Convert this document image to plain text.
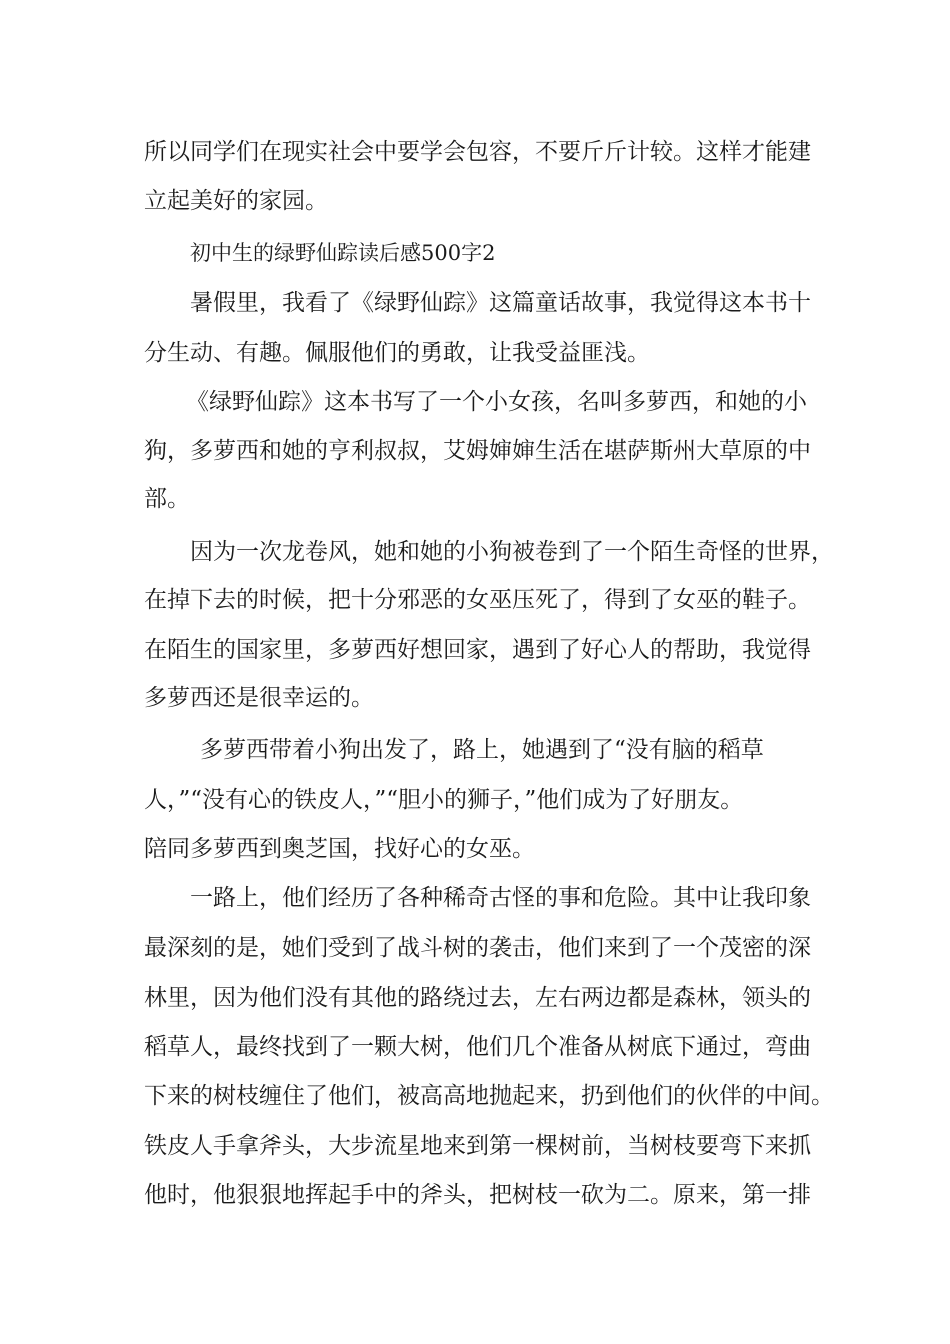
所以同学们在现实社会中要学会包容，不要斤斤计较。这样才能建
立起美好的家园。
初中生的绿野仙踪读后感500字2
暑假里，我看了《绿野仙踪》这篇童话故事，我觉得这本书十
分生动、有趣。佩服他们的勇敢，让我受益匪浅。
《绿野仙踪》这本书写了一个小女孩，名叫多萝西，和她的小
狗，多萝西和她的亨利叔叔，艾姆婶婶生活在堪萨斯州大草原的中
部。
因为一次龙卷风，她和她的小狗被卷到了一个陌生奇怪的世界，
在掉下去的时候，把十分邪恶的女巫压死了，得到了女巫的鞋子。
在陌生的国家里，多萝西好想回家，遇到了好心人的帮助，我觉得
多萝西还是很幸运的。
多萝西带着小狗出发了，路上，她遇到了“没有脑的稻草
人，”“没有心的铁皮人，”“胆小的狮子，”他们成为了好朋友。
陪同多萝西到奥芝国，找好心的女巫。
一路上，他们经历了各种稀奇古怪的事和危险。其中让我印象
最深刻的是，她们受到了战斗树的袭击，他们来到了一个茂密的深
林里，因为他们没有其他的路绕过去，左右两边都是森林，领头的
稻草人，最终找到了一颗大树，他们几个准备从树底下通过，弯曲
下来的树枝缠住了他们，被高高地抛起来，扔到他们的伙伴的中间。
铁皮人手拿斧头，大步流星地来到第一棵树前，当树枝要弯下来抓
他时，他狠狠地挥起手中的斧头，把树枝一砍为二。原来，第一排
